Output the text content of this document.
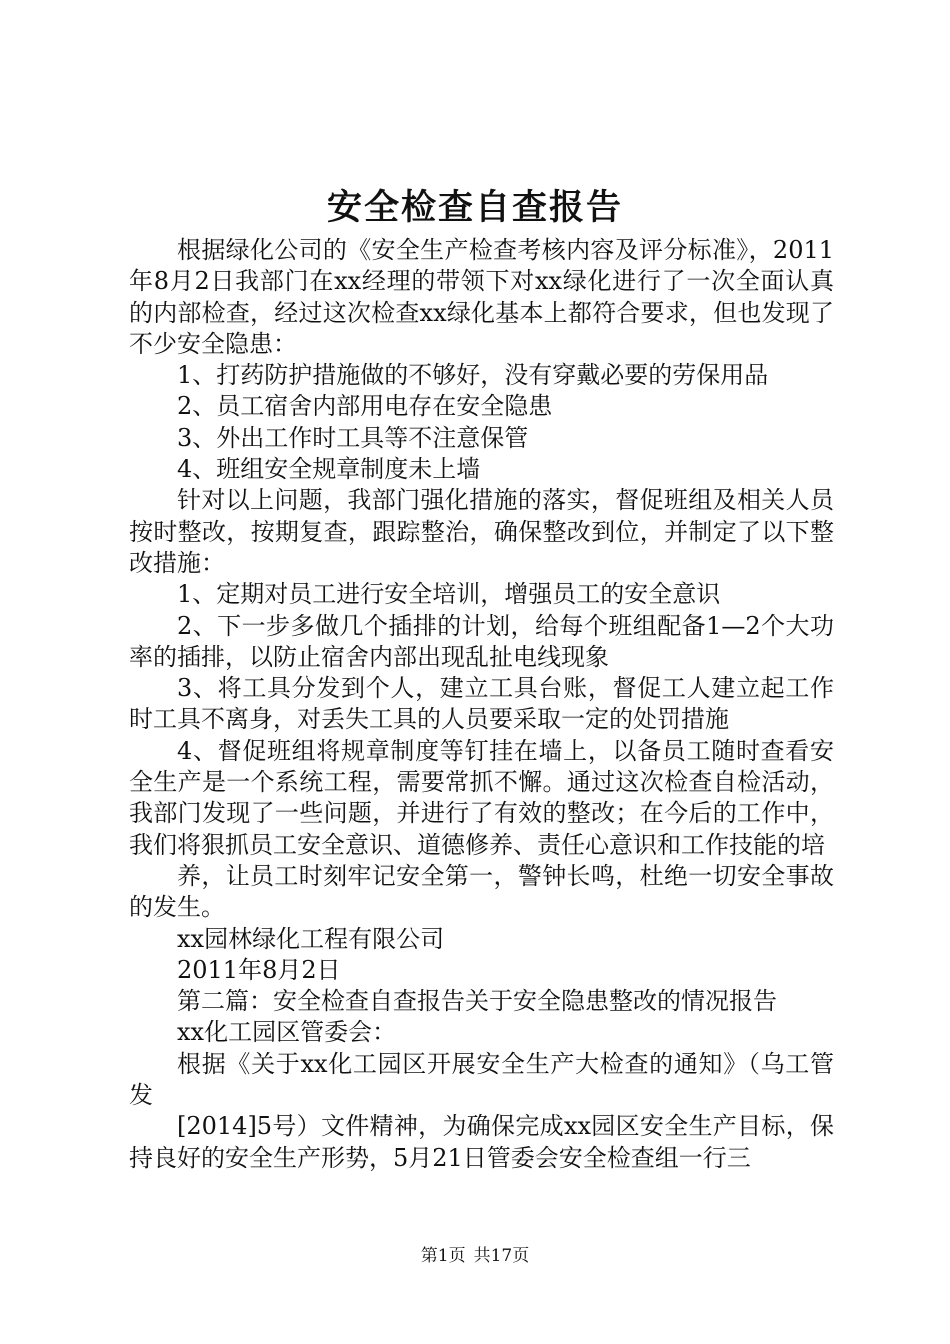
安全检查自查报告

根据绿化公司的《安全生产检查考核内容及评分标准》，2011年8月2日我部门在xx经理的带领下对xx绿化进行了一次全面认真的内部检查，经过这次检查xx绿化基本上都符合要求，但也发现了不少安全隐患：

1、打药防护措施做的不够好，没有穿戴必要的劳保用品

2、员工宿舍内部用电存在安全隐患

3、外出工作时工具等不注意保管

4、班组安全规章制度未上墙

针对以上问题，我部门强化措施的落实，督促班组及相关人员按时整改，按期复查，跟踪整治，确保整改到位，并制定了以下整改措施：

1、定期对员工进行安全培训，增强员工的安全意识

2、下一步多做几个插排的计划，给每个班组配备1—2个大功率的插排，以防止宿舍内部出现乱扯电线现象

3、将工具分发到个人，建立工具台账，督促工人建立起工作时工具不离身，对丢失工具的人员要采取一定的处罚措施

4、督促班组将规章制度等钉挂在墙上，以备员工随时查看安全生产是一个系统工程，需要常抓不懈。通过这次检查自检活动，我部门发现了一些问题，并进行了有效的整改；在今后的工作中，我们将狠抓员工安全意识、道德修养、责任心意识和工作技能的培

养，让员工时刻牢记安全第一，警钟长鸣，杜绝一切安全事故的发生。

xx园林绿化工程有限公司

2011年8月2日

第二篇：安全检查自查报告关于安全隐患整改的情况报告

xx化工园区管委会：

根据《关于xx化工园区开展安全生产大检查的通知》（乌工管发

[2014]5号）文件精神，为确保完成xx园区安全生产目标，保持良好的安全生产形势，5月21日管委会安全检查组一行三

第1页 共17页
